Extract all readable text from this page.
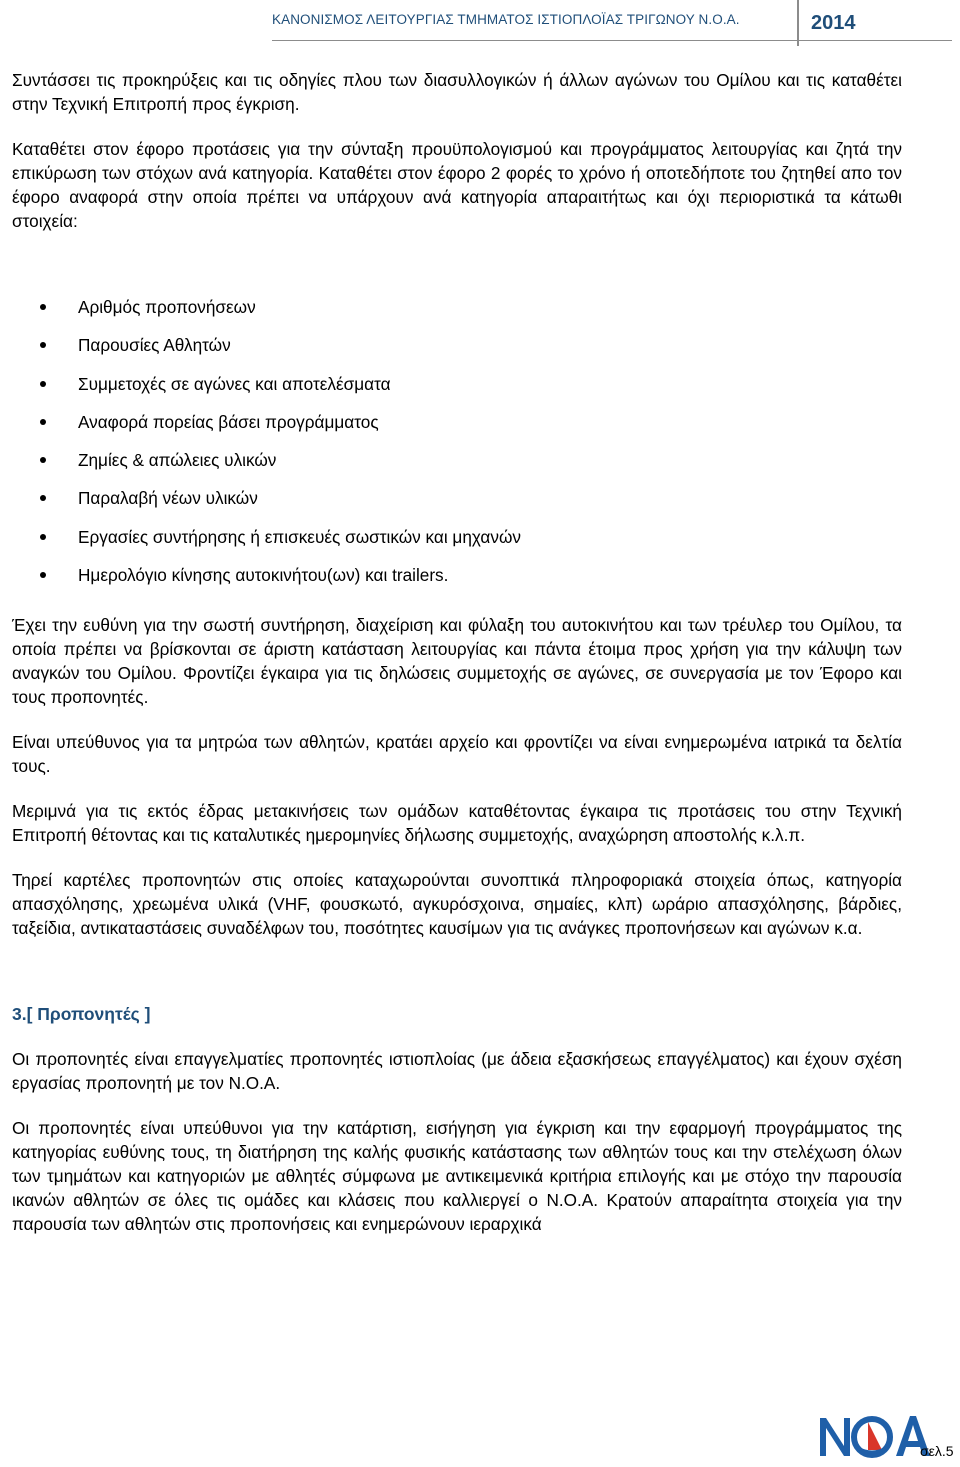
ΚΑΝΟΝΙΣΜΟΣ ΛΕΙΤΟΥΡΓΙΑΣ ΤΜΗΜΑΤΟΣ ΙΣΤΙΟΠΛΟΪΑΣ ΤΡΙΓΩΝΟΥ Ν.Ο.Α.	2014

Συντάσσει τις προκηρύξεις και τις οδηγίες πλου των διασυλλογικών ή άλλων αγώνων του Ομίλου και τις καταθέτει στην Τεχνική Επιτροπή προς έγκριση.

Καταθέτει στον έφορο προτάσεις για την σύνταξη προυϋπολογισμού και προγράμματος λειτουργίας και ζητά την επικύρωση των στόχων ανά κατηγορία. Καταθέτει στον έφορο 2 φορές το χρόνο ή οποτεδήποτε του ζητηθεί απο τον έφορο αναφορά στην οποία πρέπει να υπάρχουν ανά κατηγορία απαραιτήτως και όχι περιοριστικά τα κάτωθι στοιχεία:

Αριθμός προπονήσεων
Παρουσίες Αθλητών
Συμμετοχές σε αγώνες και αποτελέσματα
Αναφορά πορείας βάσει προγράμματος
Ζημίες & απώλειες υλικών
Παραλαβή νέων υλικών
Εργασίες συντήρησης ή επισκευές σωστικών και μηχανών
Ημερολόγιο κίνησης αυτοκινήτου(ων) και trailers.

Έχει την ευθύνη για την σωστή συντήρηση, διαχείριση και φύλαξη του αυτοκινήτου και των τρέυλερ του Ομίλου, τα οποία πρέπει να βρίσκονται σε άριστη κατάσταση λειτουργίας και πάντα έτοιμα προς χρήση για την κάλυψη των αναγκών του Ομίλου. Φροντίζει έγκαιρα για τις δηλώσεις συμμετοχής σε αγώνες, σε συνεργασία με τον Έφορο και τους προπονητές.

Είναι υπεύθυνος για τα μητρώα των αθλητών, κρατάει αρχείο και φροντίζει να είναι ενημερωμένα ιατρικά τα δελτία τους.

Μεριμνά για τις εκτός έδρας μετακινήσεις των ομάδων καταθέτοντας έγκαιρα τις προτάσεις του στην Τεχνική Επιτροπή θέτοντας και τις καταλυτικές ημερομηνίες δήλωσης συμμετοχής, αναχώρηση αποστολής κ.λ.π.

Τηρεί καρτέλες προπονητών στις οποίες καταχωρούνται συνοπτικά πληροφοριακά στοιχεία όπως, κατηγορία απασχόλησης, χρεωμένα υλικά (VHF, φουσκωτό, αγκυρόσχοινα, σημαίες, κλπ) ωράριο απασχόλησης, βάρδιες, ταξείδια, αντικαταστάσεις συναδέλφων του, ποσότητες καυσίμων για τις ανάγκες προπονήσεων και αγώνων κ.α.

3.[ Προπονητές ]

Οι προπονητές είναι επαγγελματίες προπονητές ιστιοπλοίας (με άδεια εξασκήσεως επαγγέλματος) και έχουν σχέση εργασίας προπονητή με τον Ν.Ο.Α.

Οι προπονητές είναι υπεύθυνοι για την κατάρτιση, εισήγηση για έγκριση και την εφαρμογή προγράμματος της κατηγορίας ευθύνης τους, τη διατήρηση της καλής φυσικής κατάστασης των αθλητών τους και την στελέχωση όλων των τμημάτων και κατηγοριών με αθλητές σύμφωνα με αντικειμενικά κριτήρια επιλογής και με στόχο την παρουσία ικανών αθλητών σε όλες τις ομάδες και κλάσεις που καλλιεργεί ο Ν.Ο.Α. Κρατούν απαραίτητα στοιχεία για την παρουσία των αθλητών στις προπονήσεις και ενημερώνουν ιεραρχικά

σελ.5
